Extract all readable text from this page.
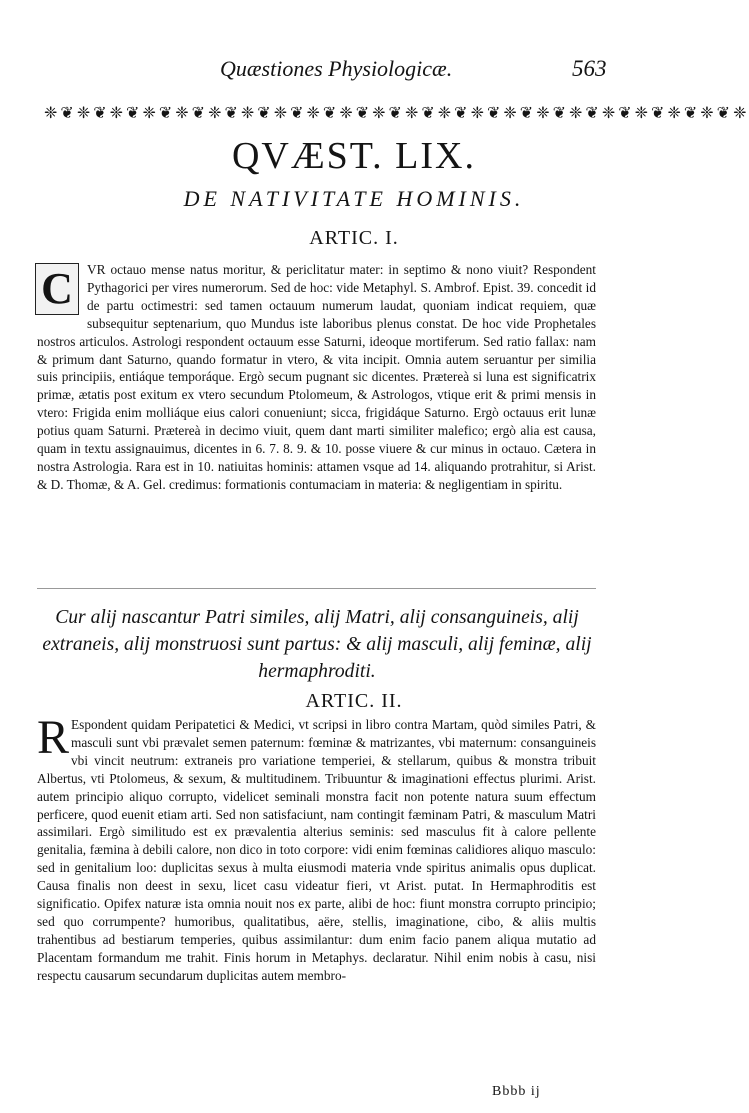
Quæstiones Physiologicæ.	563
❈❦❈❦❈❦❈❦❈❦❈❦❈❦❈❦❈❦❈❦❈❦❈❦❈❦❈❦❈❦❈❦❈❦❈❦❈❦❈❦❈❦❈
QVÆST. LIX.
DE NATIVITATE HOMINIS.
ARTIC. I.

C	VR octauo mense natus moritur, & periclitatur mater: in septimo & nono viuit? Respondent Pythagorici per vires numerorum. Sed de hoc: vide Metaphyl. S. Ambrof. Epist. 39. concedit id de partu octimestri: sed tamen octauum numerum laudat, quoniam indicat requiem, quæ subsequitur septenarium, quo Mundus iste laboribus plenus constat. De hoc vide Prophetales nostros articulos. Astrologi respondent octauum esse Saturni, ideoque mortiferum. Sed ratio fallax: nam & primum dant Saturno, quando formatur in vtero, & vita incipit. Omnia autem seruantur per similia suis principiis, entiáque temporáque. Ergò secum pugnant sic dicentes. Prætereà si luna est significatrix primæ, ætatis post exitum ex vtero secundum Ptolomeum, & Astrologos, vtique erit & primi mensis in vtero: Frigida enim molliáque eius calori conueniunt; sicca, frigidáque Saturno. Ergò octauus erit lunæ potius quam Saturni. Prætereà in decimo viuit, quem dant marti similiter malefico; ergò alia est causa, quam in textu assignauimus, dicentes in 6. 7. 8. 9. & 10. posse viuere & cur minus in octauo. Cætera in nostra Astrologia. Rara est in 10. natiuitas hominis: attamen vsque ad 14. aliquando protrahitur, si Arist. & D. Thomæ, & A. Gel. credimus: formationis contumaciam in materia: & negligentiam in spiritu.

Cur alij nascantur Patri similes, alij Matri, alij consanguineis, alij extraneis, alij monstruosi sunt partus: & alij masculi, alij feminæ, alij hermaphroditi.
ARTIC. II.

R Espondent quidam Peripatetici & Medici, vt scripsi in libro contra Martam, quòd similes Patri, & masculi sunt vbi prævalet semen paternum: fœminæ & matrizantes, vbi maternum: consanguineis vbi vincit neutrum: extraneis pro variatione temperiei, & stellarum, quibus & monstra tribuit Albertus, vti Ptolomeus, & sexum, & multitudinem. Tribuuntur & imaginationi effectus plurimi. Arist. autem principio aliquo corrupto, videlicet seminali monstra facit non potente natura suum effectum perficere, quod euenit etiam arti. Sed non satisfaciunt, nam contingit fæminam Patri, & masculum Matri assimilari. Ergò similitudo est ex prævalentia alterius seminis: sed masculus fit à calore pellente genitalia, fæmina à debili calore, non dico in toto corpore: vidi enim fœminas calidiores aliquo masculo: sed in genitalium loo: duplicitas sexus à multa eiusmodi materia vnde spiritus animalis opus duplicat. Causa finalis non deest in sexu, licet casu videatur fieri, vt Arist. putat. In Hermaphroditis est significatio. Opifex naturæ ista omnia nouit nos ex parte, alibi de hoc: fiunt monstra corrupto principio; sed quo corrumpente? humoribus, qualitatibus, aëre, stellis, imaginatione, cibo, & aliis multis trahentibus ad bestiarum temperies, quibus assimilantur: dum enim facio panem aliqua mutatio ad Placentam formandum me trahit. Finis horum in Metaphys. declaratur. Nihil enim nobis à casu, nisi respectu causarum secundarum duplicitas autem membro-

Bbbb ij
